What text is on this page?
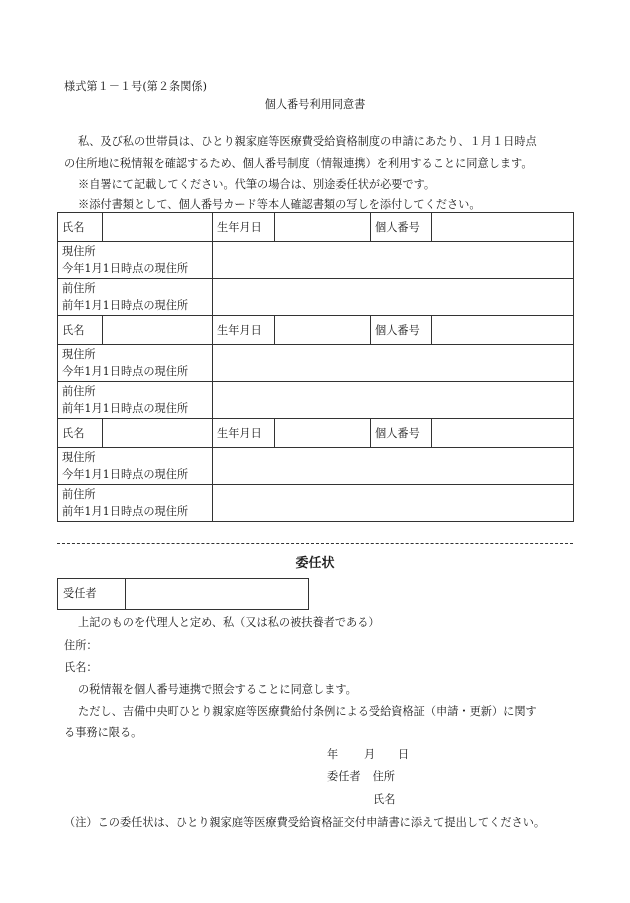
様式第１－１号(第２条関係)
個人番号利用同意書
私、及び私の世帯員は、ひとり親家庭等医療費受給資格制度の申請にあたり、１月１日時点
の住所地に税情報を確認するため、個人番号制度（情報連携）を利用することに同意します。
※自署にて記載してください。代筆の場合は、別途委任状が必要です。
※添付書類として、個人番号カード等本人確認書類の写しを添付してください。
氏名		生年月日		個人番号	

現住所
今年1月1日時点の現住所					

前住所
前年1月1日時点の現住所					

氏名		生年月日		個人番号	

現住所
今年1月1日時点の現住所					

前住所
前年1月1日時点の現住所					

氏名		生年月日		個人番号	

現住所
今年1月1日時点の現住所					

前住所
前年1月1日時点の現住所					

委任状
受任者	
上記のものを代理人と定め、私（又は私の被扶養者である）
住所：
氏名：
の税情報を個人番号連携で照会することに同意します。
ただし、吉備中央町ひとり親家庭等医療費給付条例による受給資格証（申請・更新）に関す
る事務に限る。
年 月 日
委任者 住所
氏名
（注）この委任状は、ひとり親家庭等医療費受給資格証交付申請書に添えて提出してください。
